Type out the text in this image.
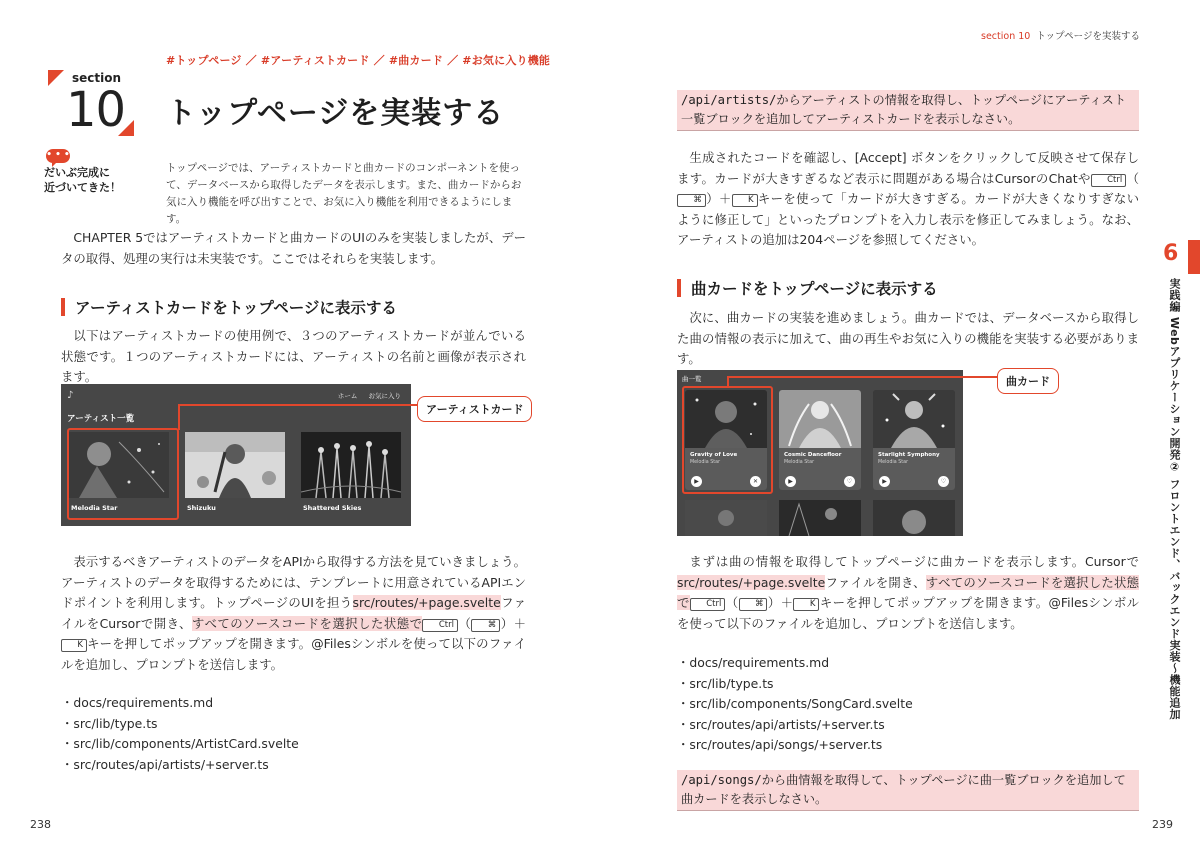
#トップページ ／ #アーティストカード ／ #曲カード ／ #お気に入り機能
section
10 トップページを実装する
• • •
だいぶ完成に
近づいてきた！

トップページでは、アーティストカードと曲カードのコンポーネントを使って、データベースから取得したデータを表示します。また、曲カードからお気に入り機能を呼び出すことで、お気に入り機能を利用できるようにします。

CHAPTER 5ではアーティストカードと曲カードのUIのみを実装しましたが、データの取得、処理の実行は未実装です。ここではそれらを実装します。

アーティストカードをトップページに表示する

以下はアーティストカードの使用例で、３つのアーティストカードが並んでいる状態です。１つのアーティストカードには、アーティストの名前と画像が表示されます。

♪	ホーム お気に入り
アーティスト一覧
Melodia Star	Shizuku	Shattered Skies
アーティストカード

表示するべきアーティストのデータをAPIから取得する方法を見ていきましょう。アーティストのデータを取得するためには、テンプレートに用意されているAPIエンドポイントを利用します。トップページのUIを担うsrc/routes/+page.svelteファイルをCursorで開き、すべてのソースコードを選択した状態で Ctrl （ ⌘ ）＋K キーを押してポップアップを開きます。@Filesシンボルを使って以下のファイルを追加し、プロンプトを送信します。

・docs/requirements.md
・src/lib/type.ts
・src/lib/components/ArtistCard.svelte
・src/routes/api/artists/+server.ts
238
section 10 トップページを実装する
/api/artists/からアーティストの情報を取得し、トップページにアーティスト
一覧ブロックを追加してアーティストカードを表示しなさい。

生成されたコードを確認し、[Accept] ボタンをクリックして反映させて保存します。カードが大きすぎるなど表示に問題がある場合はCursorのChatや Ctrl （⌘ ）＋ K キーを使って「カードが大きすぎる。カードが大きくなりすぎないように修正して」といったプロンプトを入力し表示を修正してみましょう。なお、アーティストの追加は204ページを参照してください。

曲カードをトップページに表示する

次に、曲カードの実装を進めましょう。曲カードでは、データベースから取得した曲の情報の表示に加えて、曲の再生やお気に入りの機能を実装する必要があります。

曲一覧
Gravity of Love
Melodia Star
▶	✕
Cosmic Dancefloor
Melodia Star
▶	♡
Starlight Symphony
Melodia Star
▶	♡
曲カード

まずは曲の情報を取得してトップページに曲カードを表示します。Cursorでsrc/routes/+page.svelteファイルを開き、すべてのソースコードを選択した状態で Ctrl （ ⌘ ）＋ K キーを押してポップアップを開きます。@Filesシンボルを使って以下のファイルを追加し、プロンプトを送信します。

・docs/requirements.md
・src/lib/type.ts
・src/lib/components/SongCard.svelte
・src/routes/api/artists/+server.ts
・src/routes/api/songs/+server.ts
/api/songs/から曲情報を取得して、トップページに曲一覧ブロックを追加して
曲カードを表示しなさい。
239
6
実践編 Webアプリケーション開発② フロントエンド、バックエンド実装〜機能追加
